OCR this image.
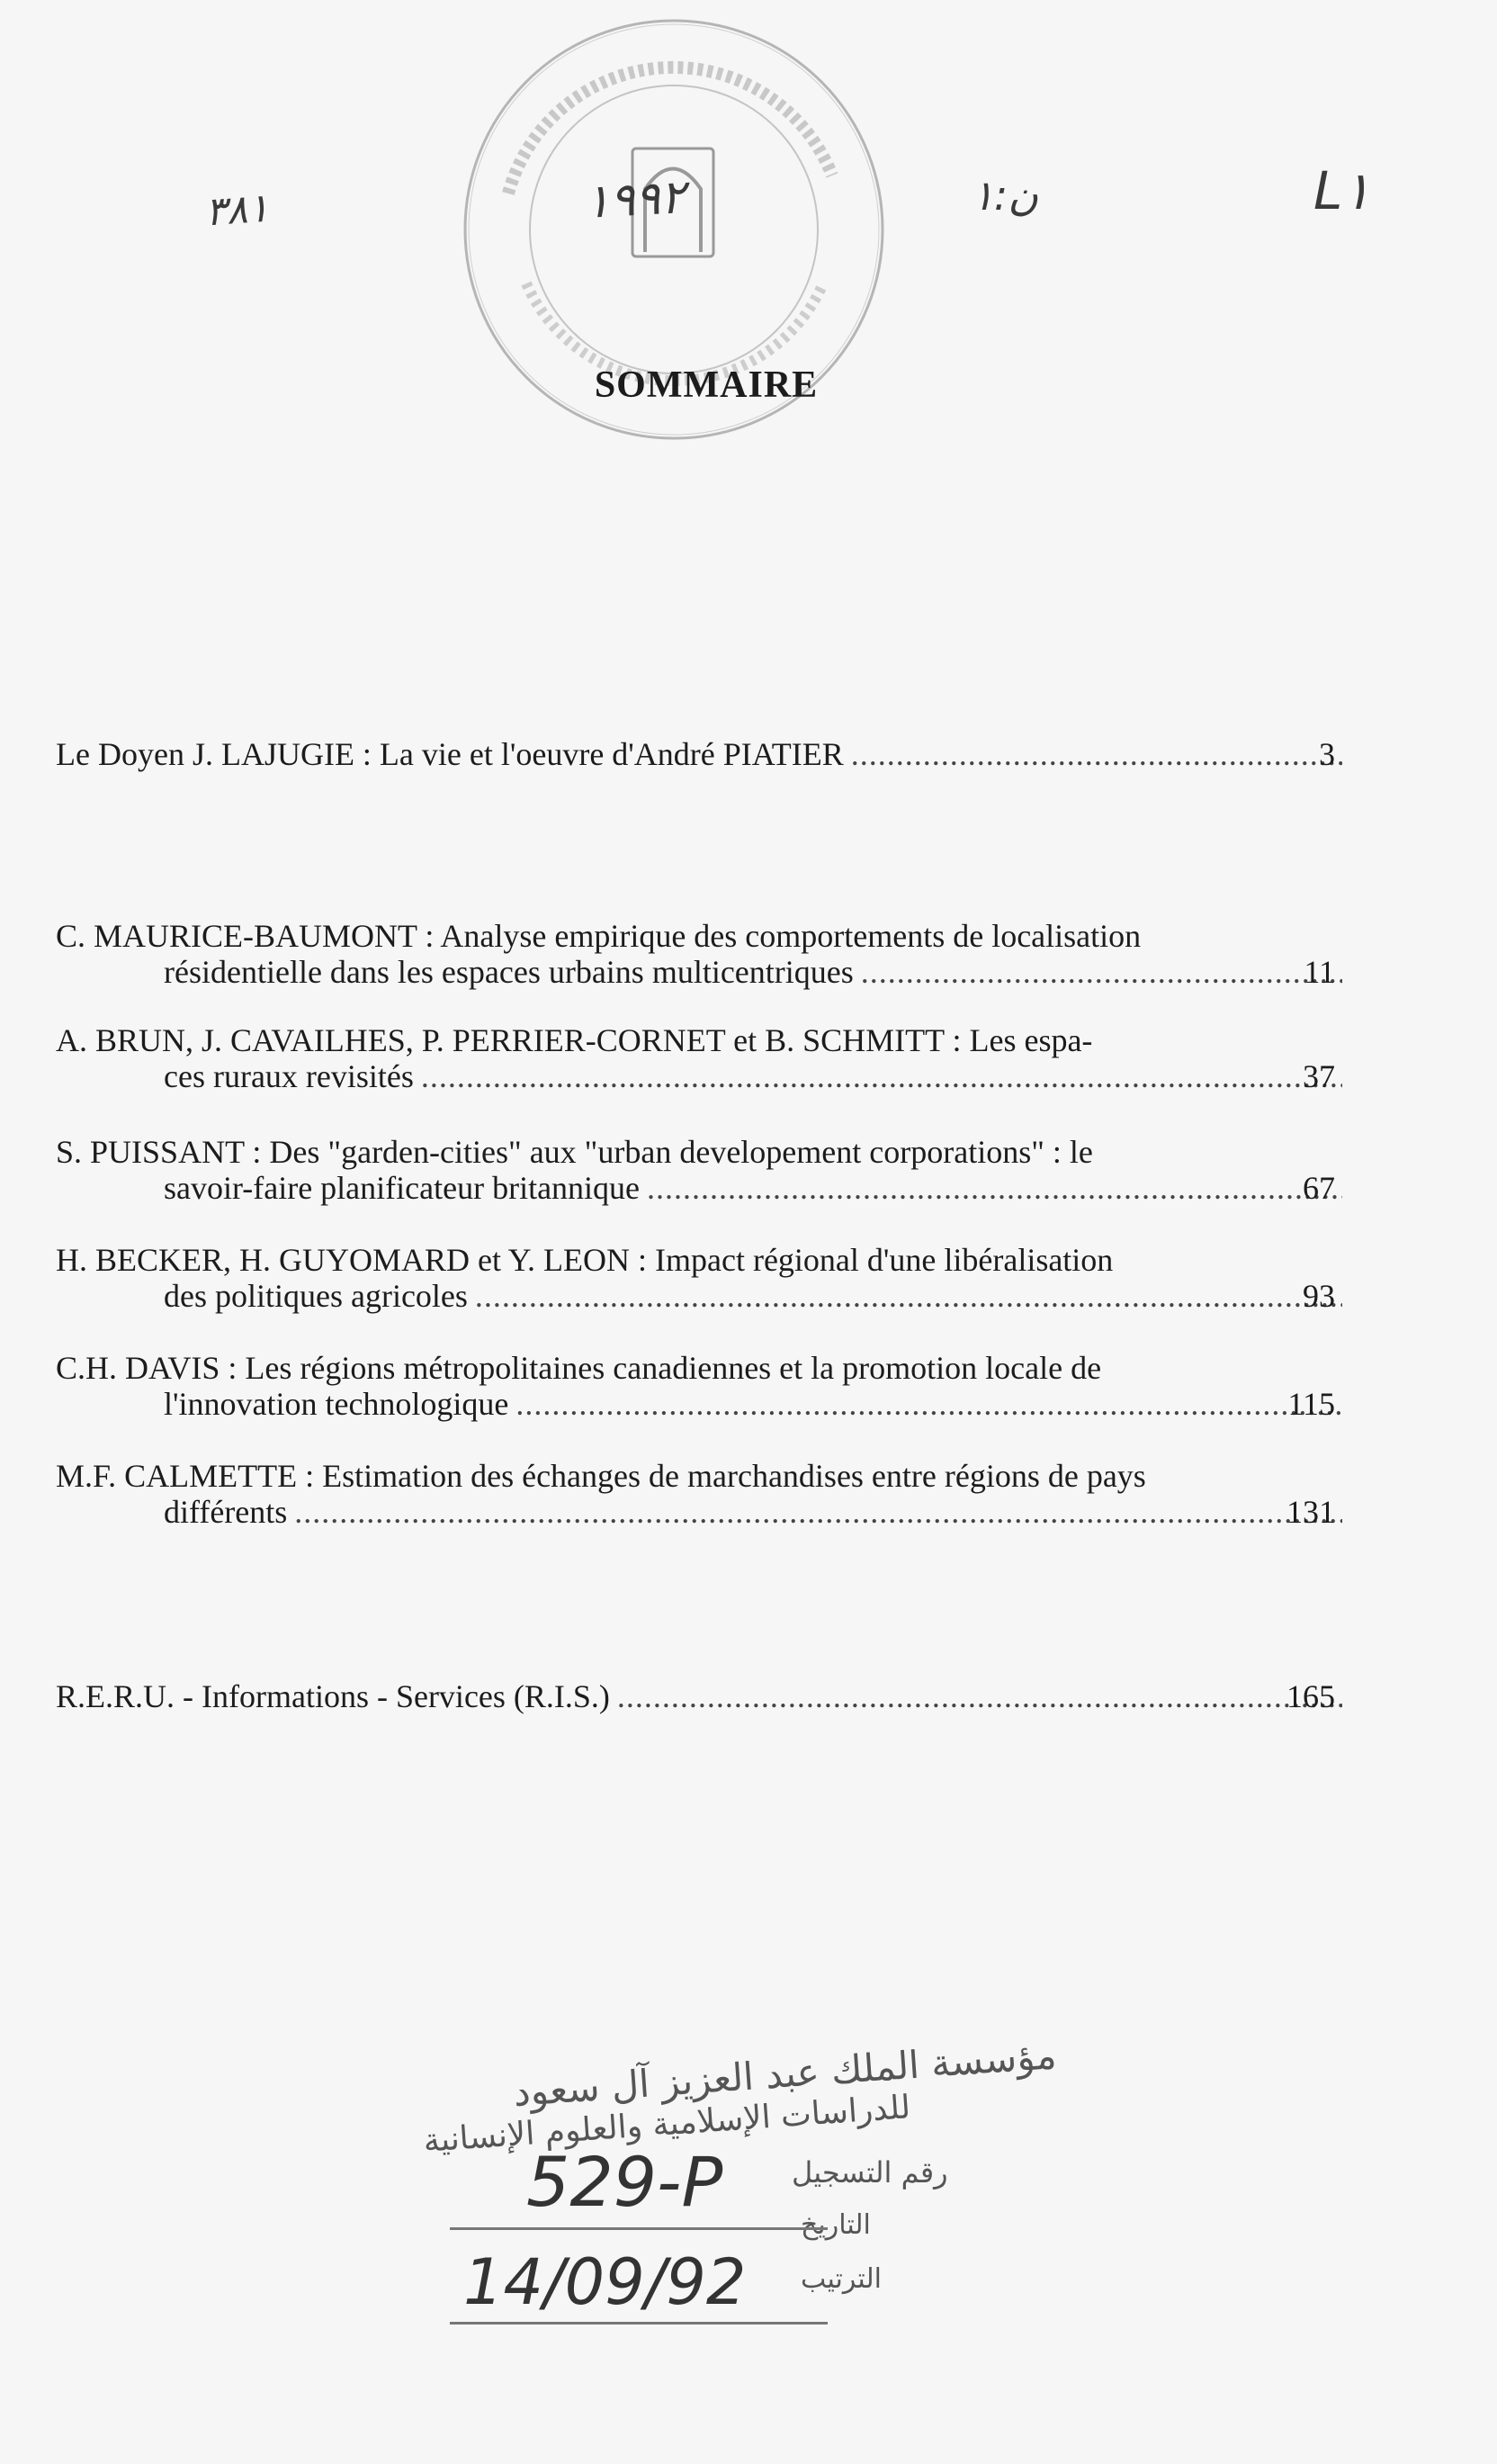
٣٨١	١٩٩٢	ن:١	L١
SOMMAIRE
Le Doyen J. LAJUGIE : La vie et l'oeuvre d'André PIATIER . . .	3
C. MAURICE-BAUMONT : Analyse empirique des comportements de localisation
résidentielle dans les espaces urbains multicentriques . . .	11
A. BRUN, J. CAVAILHES, P. PERRIER-CORNET et B. SCHMITT : Les espa-
ces ruraux revisités . . .	37
S. PUISSANT : Des "garden-cities" aux "urban developement corporations" : le
savoir-faire planificateur britannique . . .	67
H. BECKER, H. GUYOMARD et Y. LEON : Impact régional d'une libéralisation
des politiques agricoles . . .	93
C.H. DAVIS : Les régions métropolitaines canadiennes et la promotion locale de
l'innovation technologique . . .	115
M.F. CALMETTE : Estimation des échanges de marchandises entre régions de pays
différents . . .	131
R.E.R.U. - Informations - Services (R.I.S.) . . .	165
مؤسسة الملك عبد العزيز آل سعود
للدراسات الإسلامية والعلوم الإنسانية
رقم التسجيل
التاريخ
الترتيب
529-P
14/09/92
